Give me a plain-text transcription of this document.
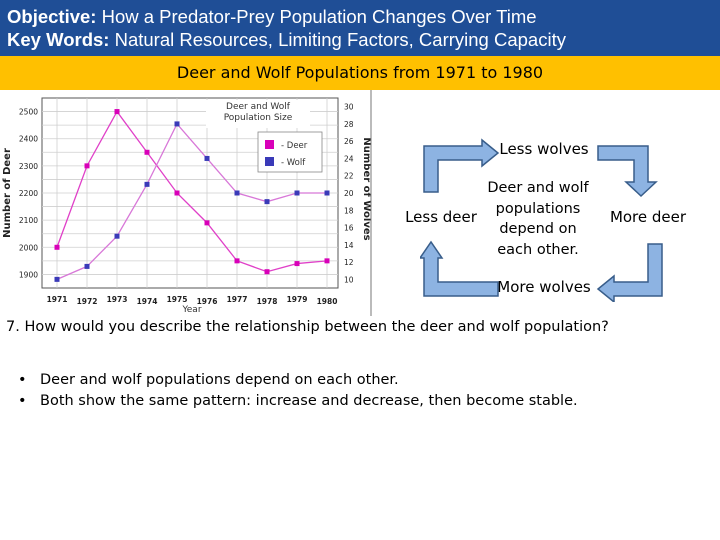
Objective: How a Predator-Prey Population Changes Over Time
Key Words: Natural Resources, Limiting Factors, Carrying Capacity
Deer and Wolf Populations from 1971 to 1980
1900
2000
2100
2200
2300
2400
2500
10
12
14
16
18
20
22
24
26
28
30
1971 1972 1973 1974 1975 1976 1977 1978 1979 1980
Year
Number of Deer	Number of Wolves
Deer and Wolf
Population Size
- Deer
- Wolf
Less wolves
Less deer	More deer
More wolves
Deer and wolf
populations
depend on
each other.
7. How would you describe the relationship between the deer and wolf population?
• Deer and wolf populations depend on each other.
• Both show the same pattern: increase and decrease, then become stable.
